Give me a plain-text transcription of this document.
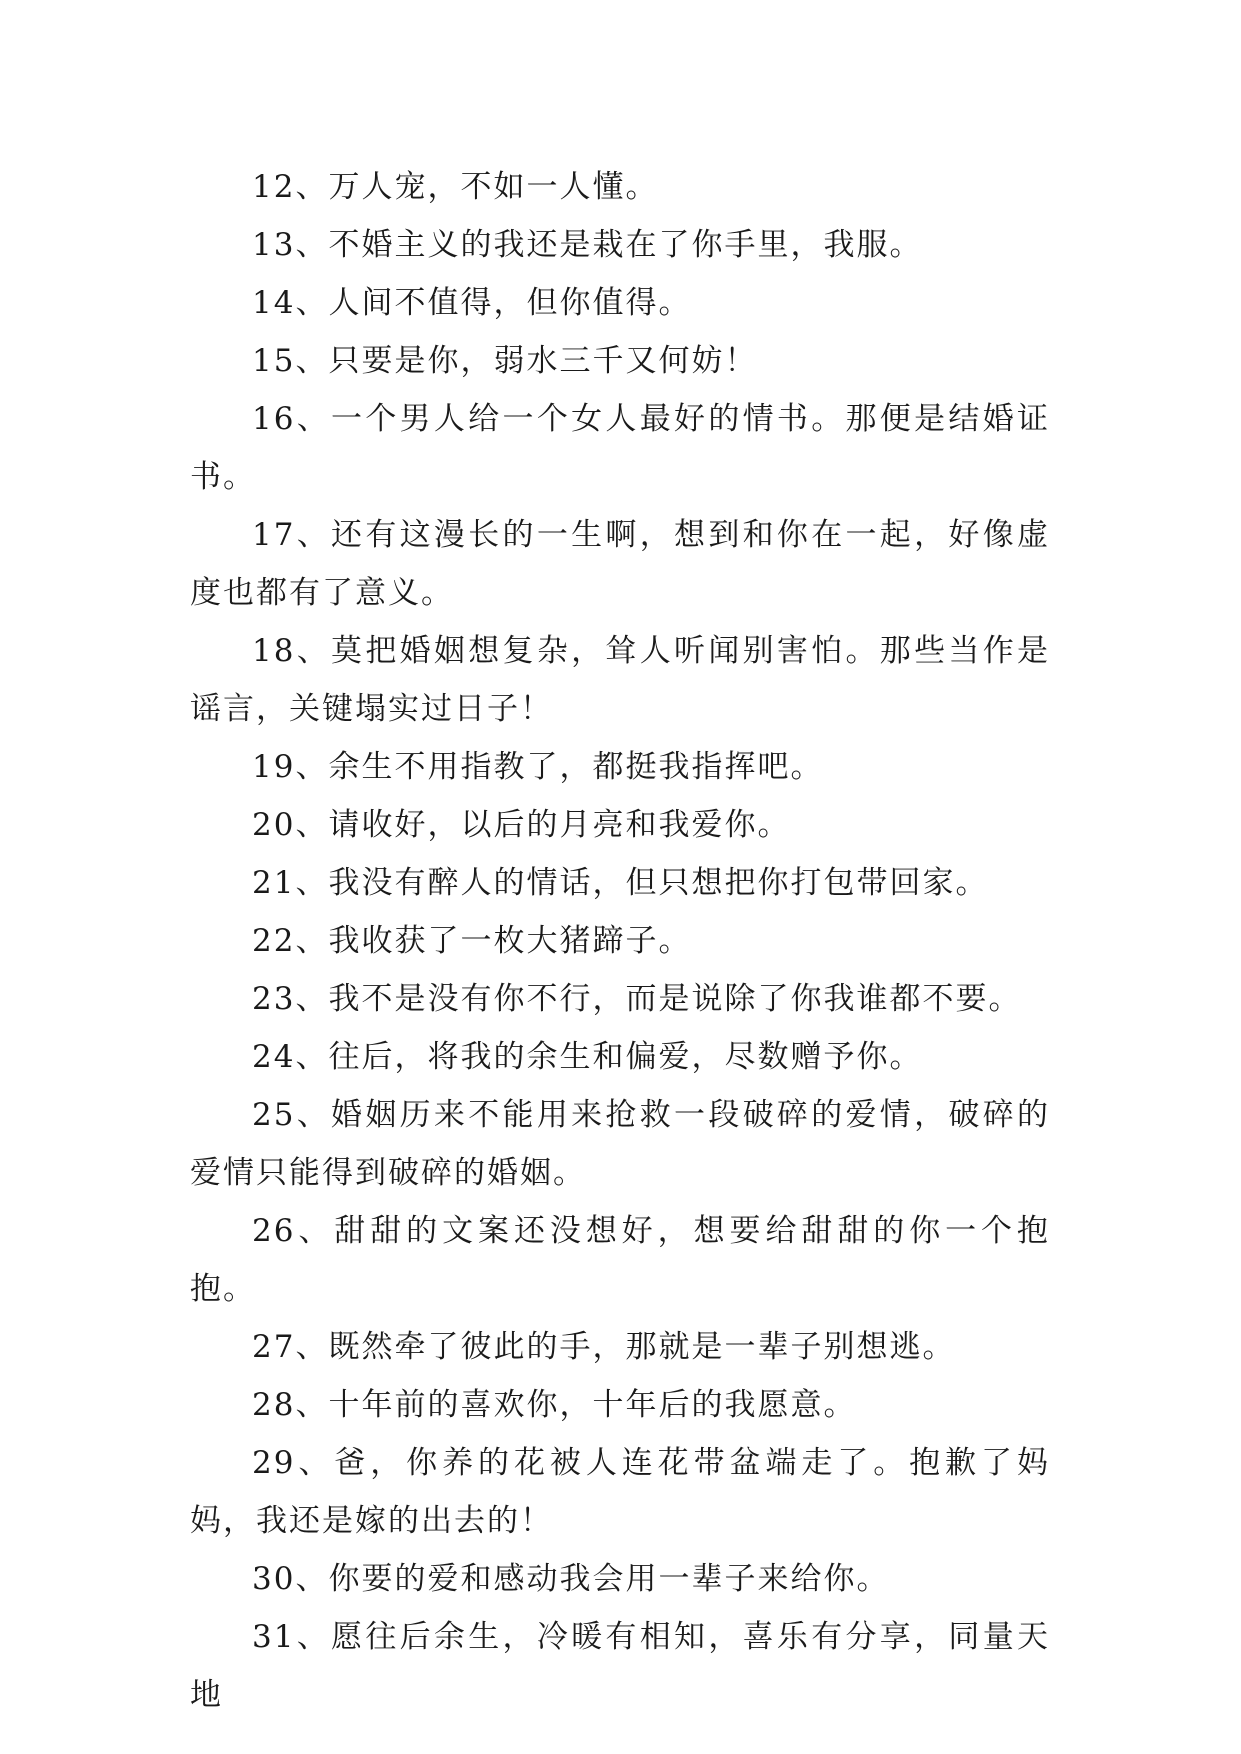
12、万人宠，不如一人懂。

13、不婚主义的我还是栽在了你手里，我服。

14、人间不值得，但你值得。

15、只要是你，弱水三千又何妨！

16、一个男人给一个女人最好的情书。那便是结婚证书。

17、还有这漫长的一生啊，想到和你在一起，好像虚度也都有了意义。

18、莫把婚姻想复杂，耸人听闻别害怕。那些当作是谣言，关键塌实过日子！

19、余生不用指教了，都挺我指挥吧。

20、请收好，以后的月亮和我爱你。

21、我没有醉人的情话，但只想把你打包带回家。

22、我收获了一枚大猪蹄子。

23、我不是没有你不行，而是说除了你我谁都不要。

24、往后，将我的余生和偏爱，尽数赠予你。

25、婚姻历来不能用来抢救一段破碎的爱情，破碎的爱情只能得到破碎的婚姻。

26、甜甜的文案还没想好，想要给甜甜的你一个抱抱。

27、既然牵了彼此的手，那就是一辈子别想逃。

28、十年前的喜欢你，十年后的我愿意。

29、爸，你养的花被人连花带盆端走了。抱歉了妈妈，我还是嫁的出去的！

30、你要的爱和感动我会用一辈子来给你。

31、愿往后余生，冷暖有相知，喜乐有分享，同量天地
